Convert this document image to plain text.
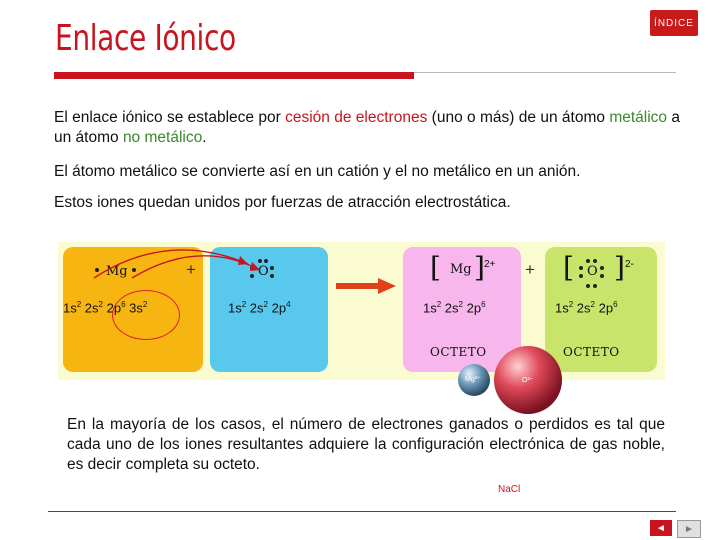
Enlace Iónico	ÍNDICE
El enlace iónico se establece por cesión de electrones (uno o más) de un átomo metálico a un átomo no metálico.
El átomo metálico se convierte así en un catión y el no metálico en un anión.
Estos iones quedan unidos por fuerzas de atracción electrostática.
Mg
$1s^2$ $2s^2$ $2p^6$ $3s^2$
+	O
$1s^2$ $2s^2$ $2p^4$
[ Mg ] 2+
$1s^2$ $2s^2$ $2p^6$
OCTETO
+ [ O ] 2-
$1s^2$ $2s^2$ $2p^6$
OCTETO
Mg²⁺	O²⁻
En la mayoría de los casos, el número de electrones ganados o perdidos es tal que cada uno de los iones resultantes adquiere la configuración electrónica de gas noble, es decir completa su octeto.
NaCl
◄	►
